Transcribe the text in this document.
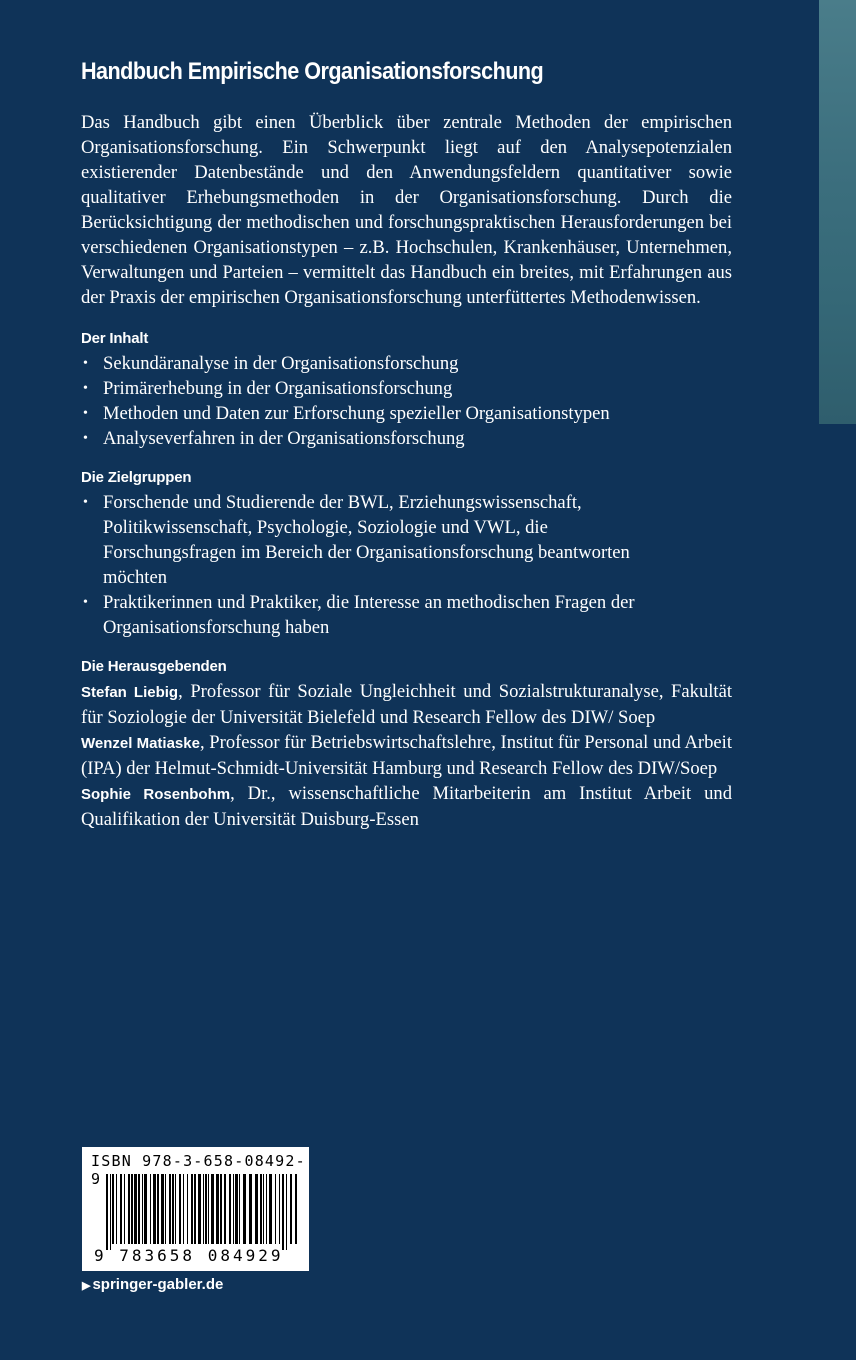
Handbuch Empirische Organisationsforschung

Das Handbuch gibt einen Überblick über zentrale Methoden der empirischen Organisationsforschung. Ein Schwerpunkt liegt auf den Analysepotenzialen existierender Datenbestände und den Anwendungsfeldern quantitativer sowie qualitativer Erhebungsmethoden in der Organisationsforschung. Durch die Berücksichtigung der methodischen und forschungspraktischen Herausforderungen bei verschiedenen Organisationstypen – z.B. Hochschulen, Krankenhäuser, Unternehmen, Verwaltungen und Parteien – vermittelt das Handbuch ein breites, mit Erfahrungen aus der Praxis der empirischen Organisationsforschung unterfüttertes Methodenwissen.

Der Inhalt
• Sekundäranalyse in der Organisationsforschung
• Primärerhebung in der Organisationsforschung
• Methoden und Daten zur Erforschung spezieller Organisationstypen
• Analyseverfahren in der Organisationsforschung
Die Zielgruppen
• Forschende und Studierende der BWL, Erziehungswissenschaft, Politikwissenschaft, Psychologie, Soziologie und VWL, die Forschungsfragen im Bereich der Organisationsforschung beantworten möchten
• Praktikerinnen und Praktiker, die Interesse an methodischen Fragen der Organisationsforschung haben
Die Herausgebenden

Stefan Liebig, Professor für Soziale Ungleichheit und Sozialstrukturanalyse, Fakultät für Soziologie der Universität Bielefeld und Research Fellow des DIW/ Soep

Wenzel Matiaske, Professor für Betriebswirtschaftslehre, Institut für Personal und Arbeit (IPA) der Helmut-Schmidt-Universität Hamburg und Research Fellow des DIW/Soep

Sophie Rosenbohm, Dr., wissenschaftliche Mitarbeiterin am Institut Arbeit und Qualifikation der Universität Duisburg-Essen

9 783658 084929
ISBN 978-3-658-08492-9
▶ springer-gabler.de
